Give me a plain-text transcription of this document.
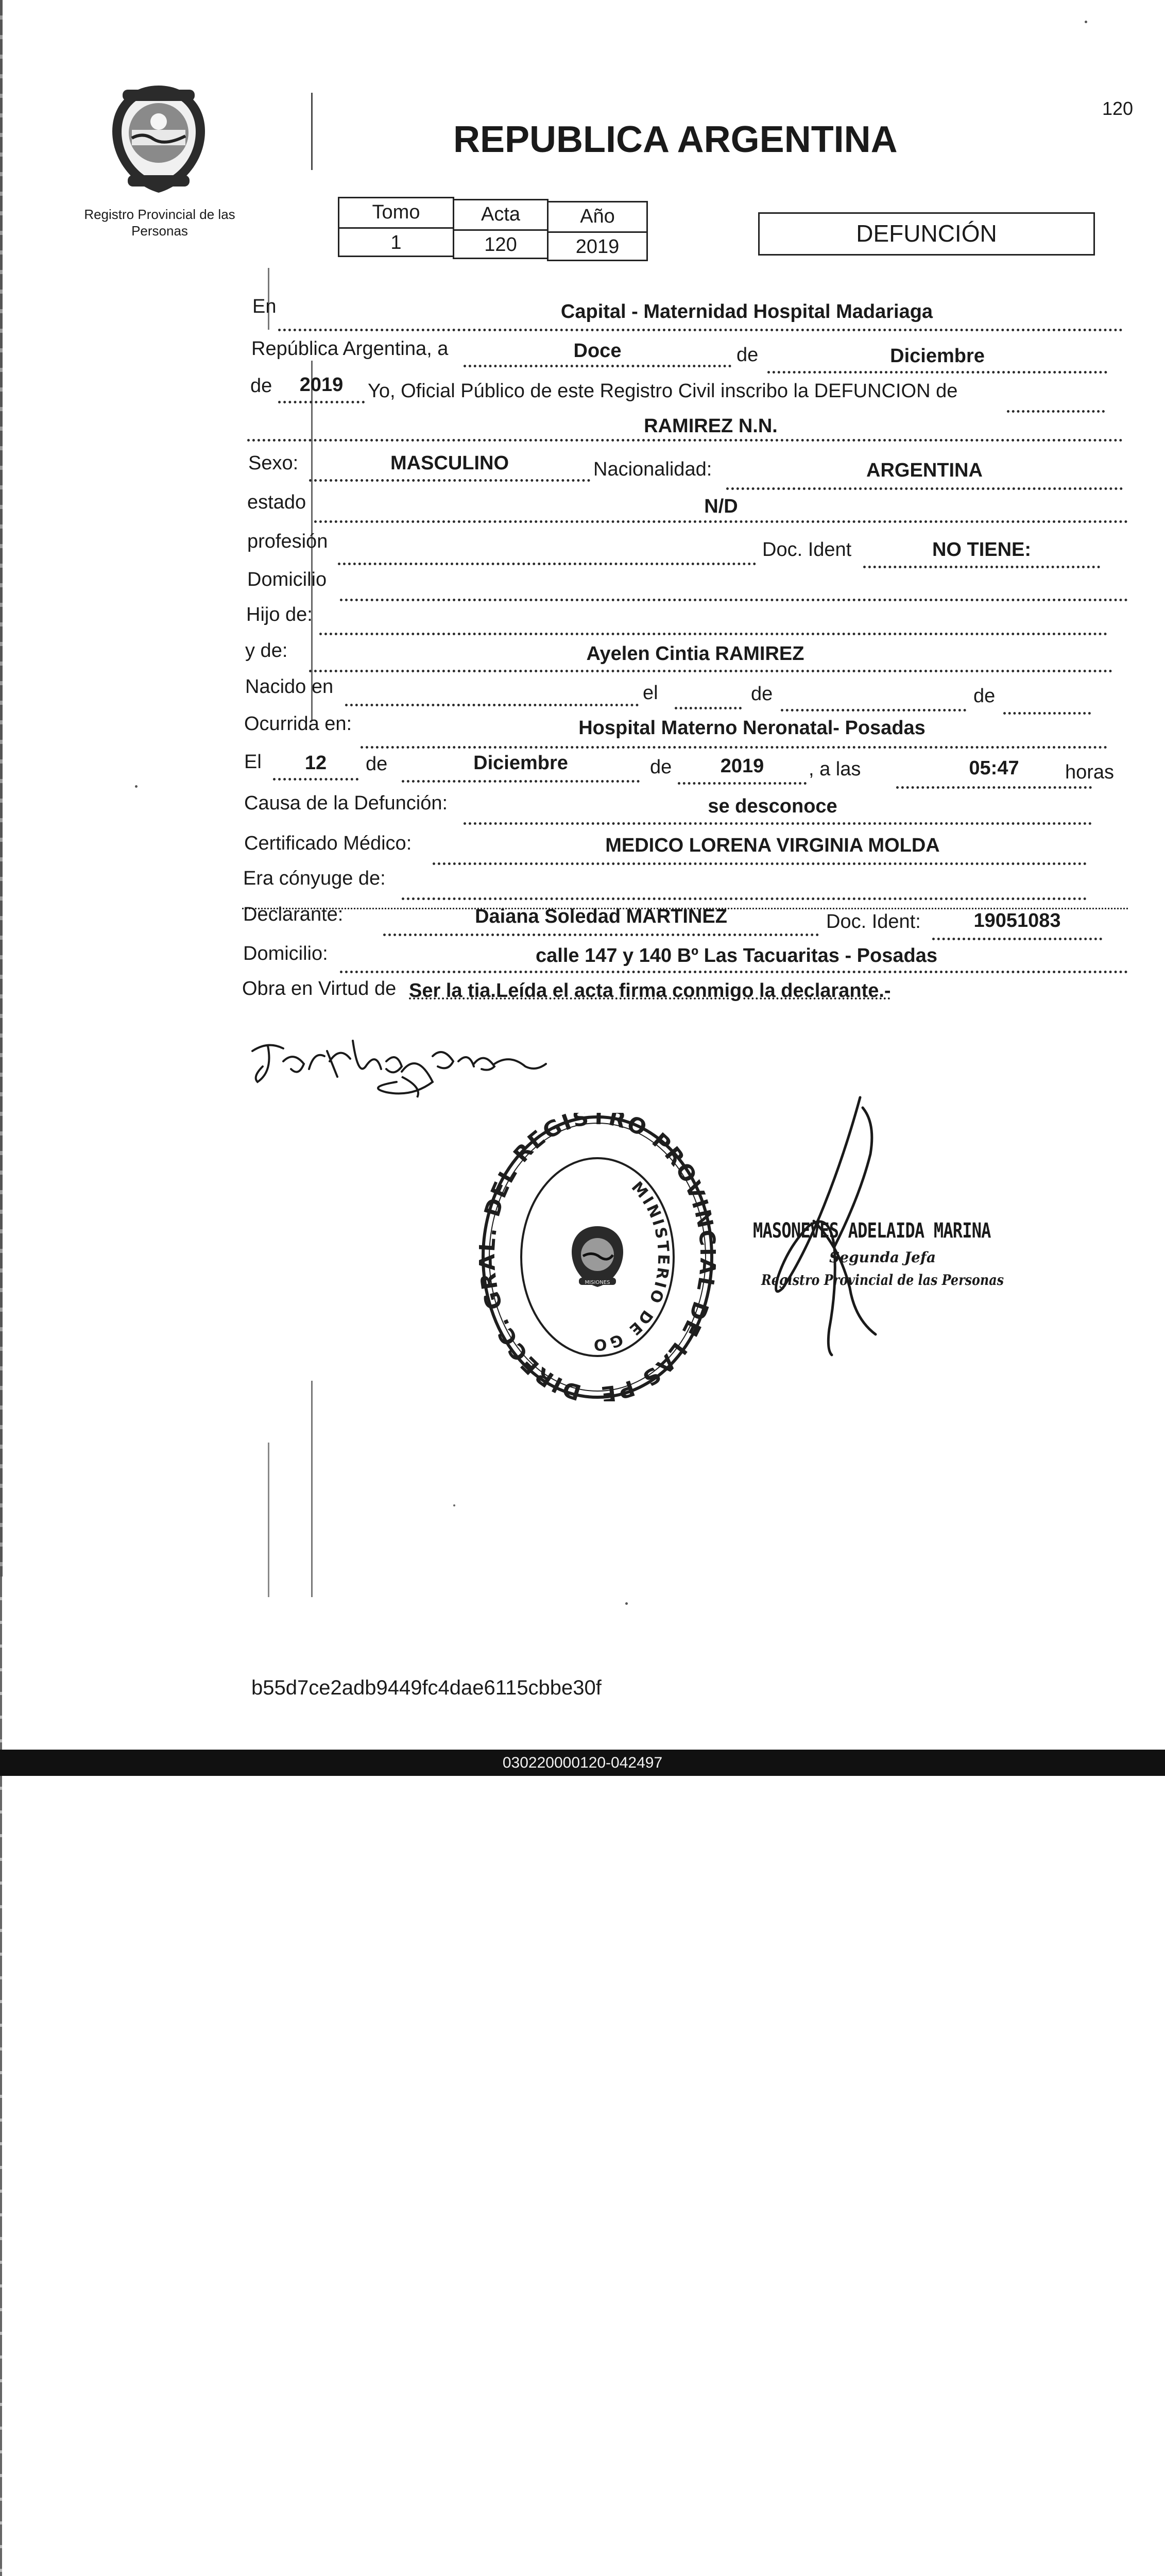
Registro Provincial de las Personas
120
REPUBLICA ARGENTINA
Tomo	Acta	Año
1	120	2019	DEFUNCIÓN
En	Capital - Maternidad Hospital Madariaga
República Argentina, a	Doce	de	Diciembre
de	2019	Yo, Oficial Público de este Registro Civil inscribo la DEFUNCION de
RAMIREZ N.N.
Sexo:	MASCULINO	Nacionalidad:	ARGENTINA
estado	N/D
profesión	Doc. Ident	NO TIENE:
Domicilio
Hijo de:
y de:	Ayelen Cintia RAMIREZ
Nacido en	el	de	de
Ocurrida en:	Hospital Materno Neronatal- Posadas
El	12	de	Diciembre	de	2019	, a las	05:47	horas
Causa de la Defunción:	se desconoce
Certificado Médico:	MEDICO LORENA VIRGINIA MOLDA
Era cónyuge de:
Declarante:	Daiana Soledad MARTINEZ	Doc. Ident:	19051083
Domicilio:	calle 147 y 140 Bº Las Tacuaritas - Posadas
Obra en Virtud de Ser la tia.Leída el acta firma conmigo la declarante.-
DIRECC. G DEL REGISTRO PROVIN DE LAS PE
MINISTERIO DE GO
MISIONES
MASONEVES ADELAIDA MARINA
Segunda Jefa
Registro Provincial de las Personas
b55d7ce2adb9449fc4dae6115cbbe30f
030220000120-042497
